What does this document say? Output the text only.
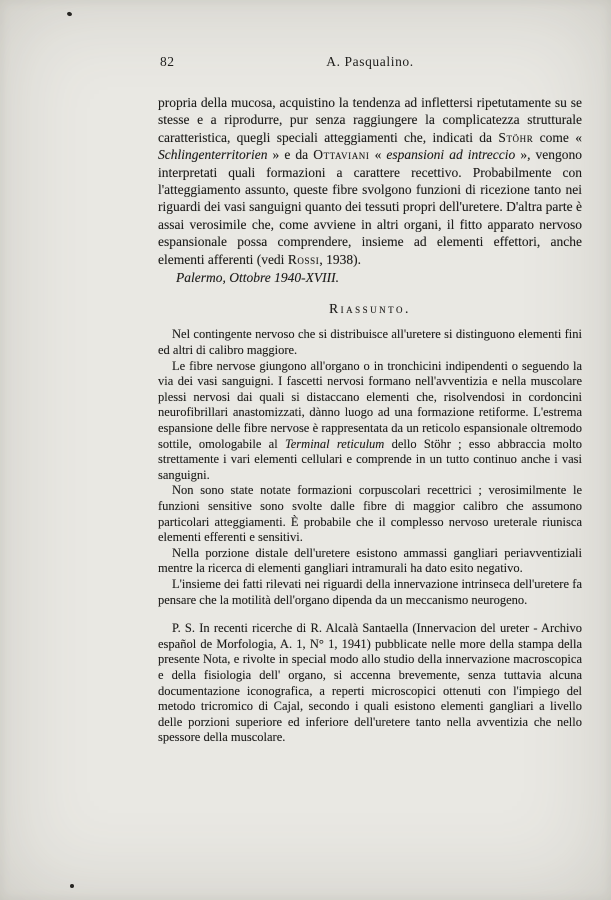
82	A. Pasqualino.

propria della mucosa, acquistino la tendenza ad inflettersi ripetutamente su se stesse e a riprodurre, pur senza raggiungere la complicatezza strutturale caratteristica, quegli speciali atteggiamenti che, indicati da Stöhr come « Schlingenterritorien » e da Ottaviani « espansioni ad intreccio », vengono interpretati quali formazioni a carattere recettivo. Probabilmente con l'atteggiamento assunto, queste fibre svolgono funzioni di ricezione tanto nei riguardi dei vasi sanguigni quanto dei tessuti propri dell'uretere. D'altra parte è assai verosimile che, come avviene in altri organi, il fitto apparato nervoso espansionale possa comprendere, insieme ad elementi effettori, anche elementi afferenti (vedi Rossi, 1938).

Palermo, Ottobre 1940-XVIII.

Riassunto.

Nel contingente nervoso che si distribuisce all'uretere si distinguono elementi fini ed altri di calibro maggiore.

Le fibre nervose giungono all'organo o in tronchicini indipendenti o seguendo la via dei vasi sanguigni. I fascetti nervosi formano nell'avventizia e nella muscolare plessi nervosi dai quali si distaccano elementi che, risolvendosi in cordoncini neurofibrillari anastomizzati, dànno luogo ad una formazione retiforme. L'estrema espansione delle fibre nervose è rappresentata da un reticolo espansionale oltremodo sottile, omologabile al Terminal reticulum dello Stöhr ; esso abbraccia molto strettamente i vari elementi cellulari e comprende in un tutto continuo anche i vasi sanguigni.

Non sono state notate formazioni corpuscolari recettrici ; verosimilmente le funzioni sensitive sono svolte dalle fibre di maggior calibro che assumono particolari atteggiamenti. È probabile che il complesso nervoso ureterale riunisca elementi efferenti e sensitivi.

Nella porzione distale dell'uretere esistono ammassi gangliari periavventiziali mentre la ricerca di elementi gangliari intramurali ha dato esito negativo.

L'insieme dei fatti rilevati nei riguardi della innervazione intrinseca dell'uretere fa pensare che la motilità dell'organo dipenda da un meccanismo neurogeno.

P. S. In recenti ricerche di R. Alcalà Santaella (Innervacion del ureter - Archivo español de Morfologia, A. 1, N° 1, 1941) pubblicate nelle more della stampa della presente Nota, e rivolte in special modo allo studio della innervazione macroscopica e della fisiologia dell' organo, si accenna brevemente, senza tuttavia alcuna documentazione iconografica, a reperti microscopici ottenuti con l'impiego del metodo tricromico di Cajal, secondo i quali esistono elementi gangliari a livello delle porzioni superiore ed inferiore dell'uretere tanto nella avventizia che nello spessore della muscolare.
